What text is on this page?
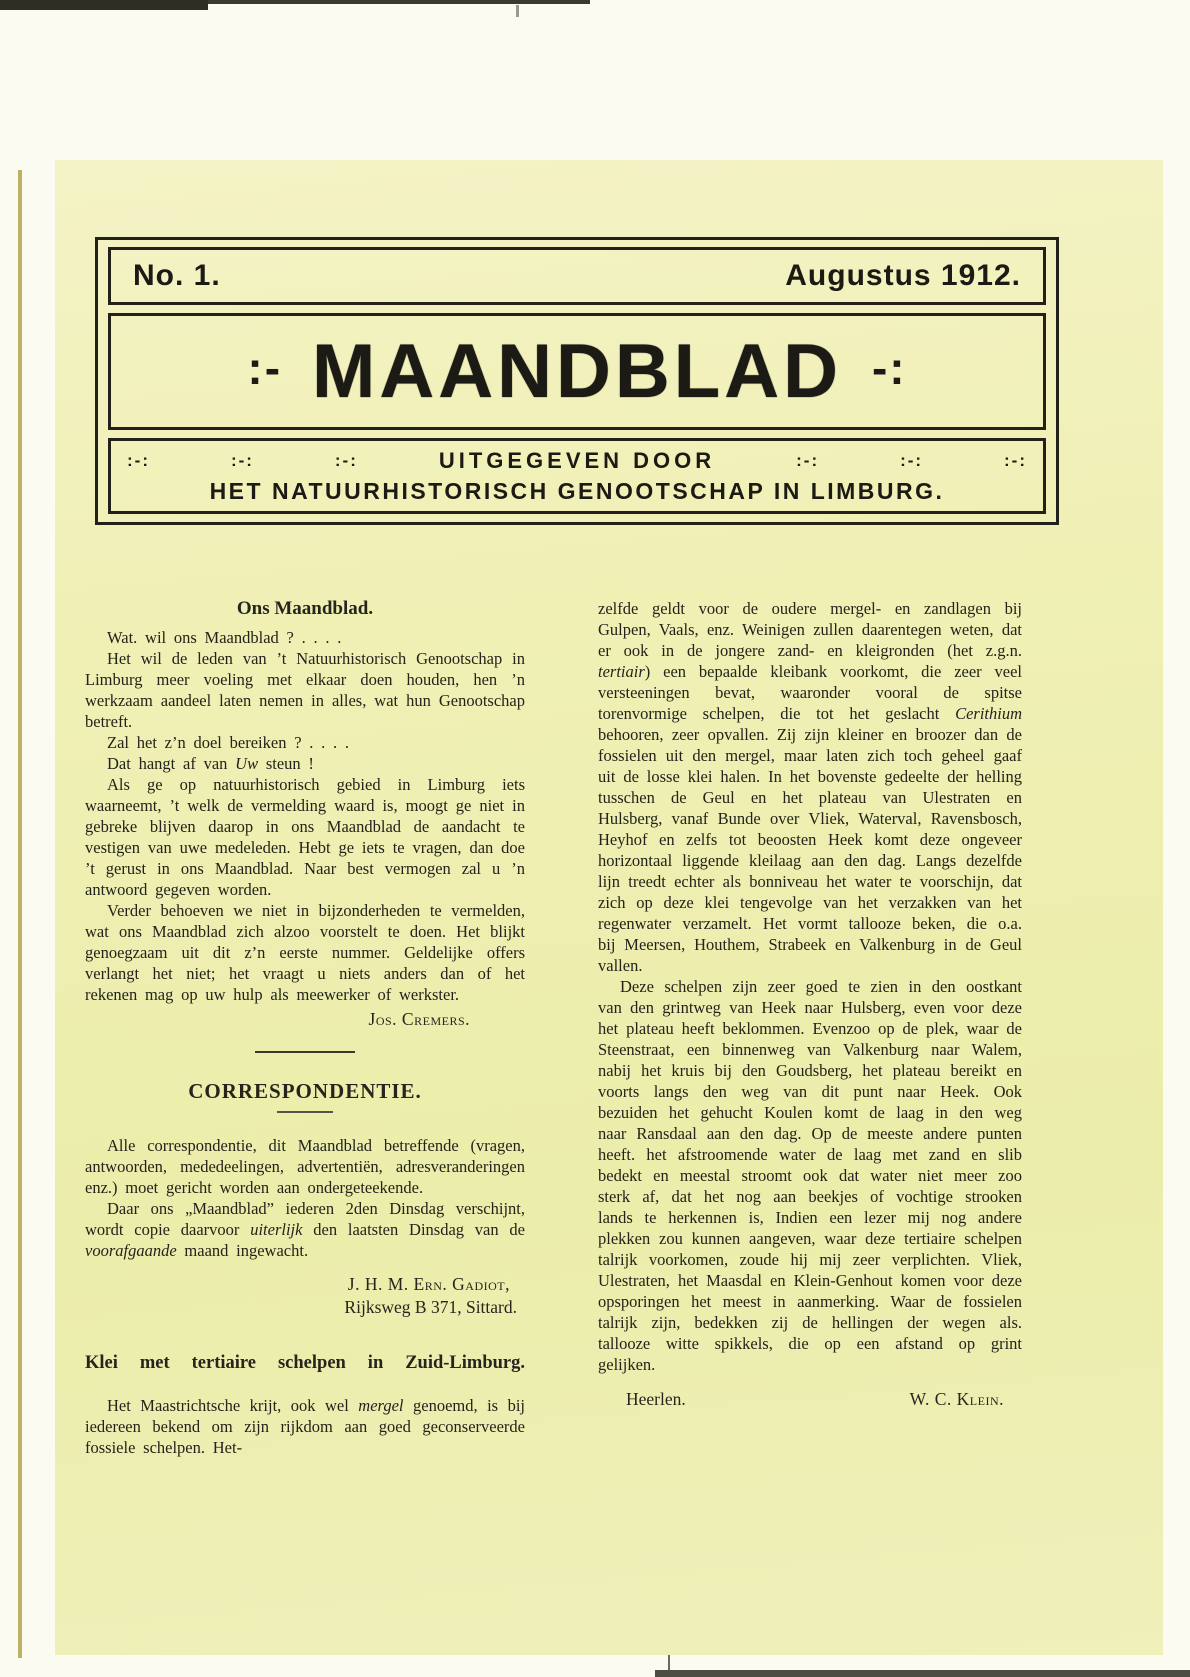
No. 1.	Augustus 1912.
:- MAANDBLAD -:
:-:	:-:	:-:	UITGEGEVEN DOOR	:-:	:-:	:-:
HET NATUURHISTORISCH GENOOTSCHAP IN LIMBURG.
Ons Maandblad.

Wat. wil ons Maandblad ? . . . .

Het wil de leden van ’t Natuurhistorisch Genootschap in Limburg meer voeling met elkaar doen houden, hen ’n werkzaam aandeel laten nemen in alles, wat hun Genootschap betreft.

Zal het z’n doel bereiken ? . . . .

Dat hangt af van Uw steun !

Als ge op natuurhistorisch gebied in Limburg iets waarneemt, ’t welk de vermelding waard is, moogt ge niet in gebreke blijven daarop in ons Maandblad de aandacht te vestigen van uwe medeleden. Hebt ge iets te vragen, dan doe ’t gerust in ons Maandblad. Naar best vermogen zal u ’n antwoord gegeven worden.

Verder behoeven we niet in bijzonderheden te vermelden, wat ons Maandblad zich alzoo voorstelt te doen. Het blijkt genoegzaam uit dit z’n eerste nummer. Geldelijke offers verlangt het niet; het vraagt u niets anders dan of het rekenen mag op uw hulp als meewerker of werkster.

Jos. Cremers.
CORRESPONDENTIE.

Alle correspondentie, dit Maandblad betreffende (vragen, antwoorden, mededeelingen, advertentiën, adresveranderingen enz.) moet gericht worden aan ondergeteekende.

Daar ons „Maandblad” iederen 2den Dinsdag verschijnt, wordt copie daarvoor uiterlijk den laatsten Dinsdag van de voorafgaande maand ingewacht.

J. H. M. Ern. Gadiot,
Rijksweg B 371, Sittard.
Klei met tertiaire schelpen in Zuid-Limburg.

Het Maastrichtsche krijt, ook wel mergel genoemd, is bij iedereen bekend om zijn rijkdom aan goed geconserveerde fossiele schelpen. Het-

zelfde geldt voor de oudere mergel- en zandlagen bij Gulpen, Vaals, enz. Weinigen zullen daarentegen weten, dat er ook in de jongere zand- en kleigronden (het z.g.n. tertiair) een bepaalde kleibank voorkomt, die zeer veel versteeningen bevat, waaronder vooral de spitse torenvormige schelpen, die tot het geslacht Cerithium behooren, zeer opvallen. Zij zijn kleiner en broozer dan de fossielen uit den mergel, maar laten zich toch geheel gaaf uit de losse klei halen. In het bovenste gedeelte der helling tusschen de Geul en het plateau van Ulestraten en Hulsberg, vanaf Bunde over Vliek, Waterval, Ravensbosch, Heyhof en zelfs tot beoosten Heek komt deze ongeveer horizontaal liggende kleilaag aan den dag. Langs dezelfde lijn treedt echter als bonniveau het water te voorschijn, dat zich op deze klei tengevolge van het verzakken van het regenwater verzamelt. Het vormt tallooze beken, die o.a. bij Meersen, Houthem, Strabeek en Valkenburg in de Geul vallen.

Deze schelpen zijn zeer goed te zien in den oostkant van den grintweg van Heek naar Hulsberg, even voor deze het plateau heeft beklommen. Evenzoo op de plek, waar de Steenstraat, een binnenweg van Valkenburg naar Walem, nabij het kruis bij den Goudsberg, het plateau bereikt en voorts langs den weg van dit punt naar Heek. Ook bezuiden het gehucht Koulen komt de laag in den weg naar Ransdaal aan den dag. Op de meeste andere punten heeft. het afstroomende water de laag met zand en slib bedekt en meestal stroomt ook dat water niet meer zoo sterk af, dat het nog aan beekjes of vochtige strooken lands te herkennen is, Indien een lezer mij nog andere plekken zou kunnen aangeven, waar deze tertiaire schelpen talrijk voorkomen, zoude hij mij zeer verplichten. Vliek, Ulestraten, het Maasdal en Klein-Genhout komen voor deze opsporingen het meest in aanmerking. Waar de fossielen talrijk zijn, bedekken zij de hellingen der wegen als. tallooze witte spikkels, die op een afstand op grint gelijken.

Heerlen.	W. C. Klein.
